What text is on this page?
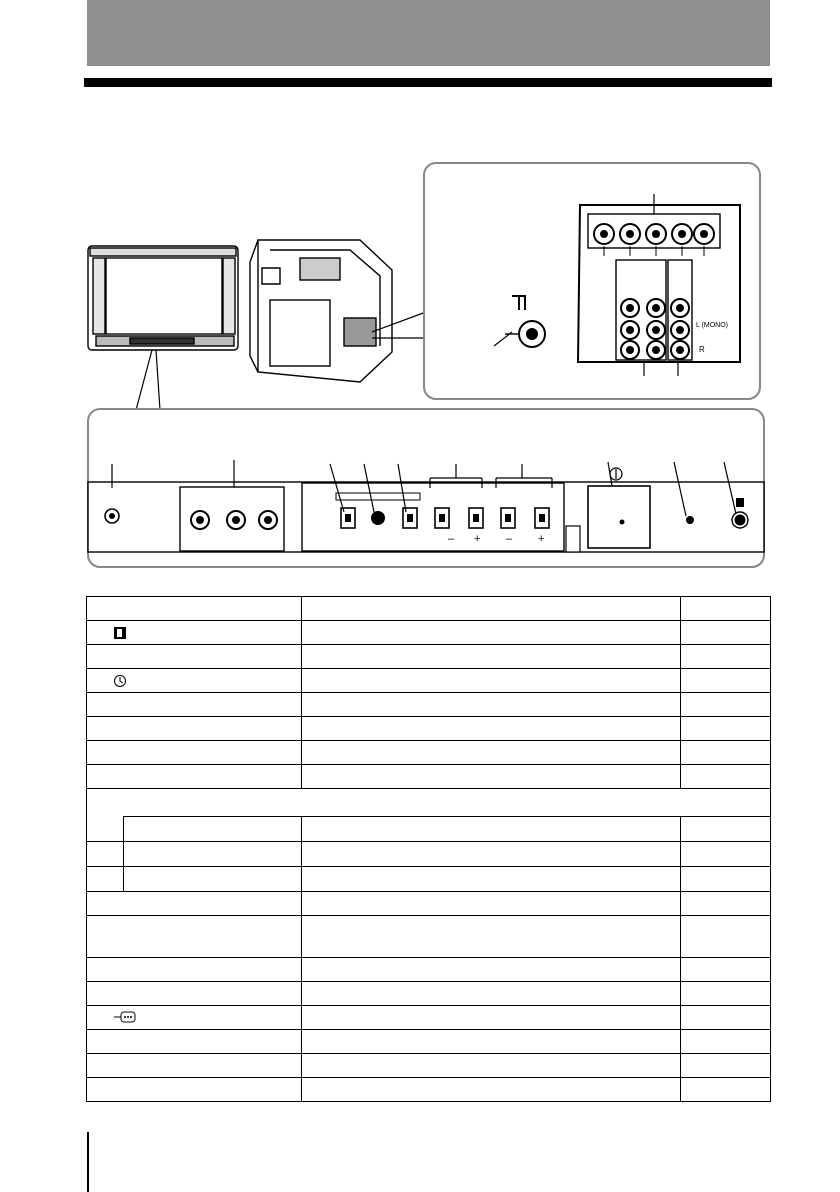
L (MONO)
R
– + – +
